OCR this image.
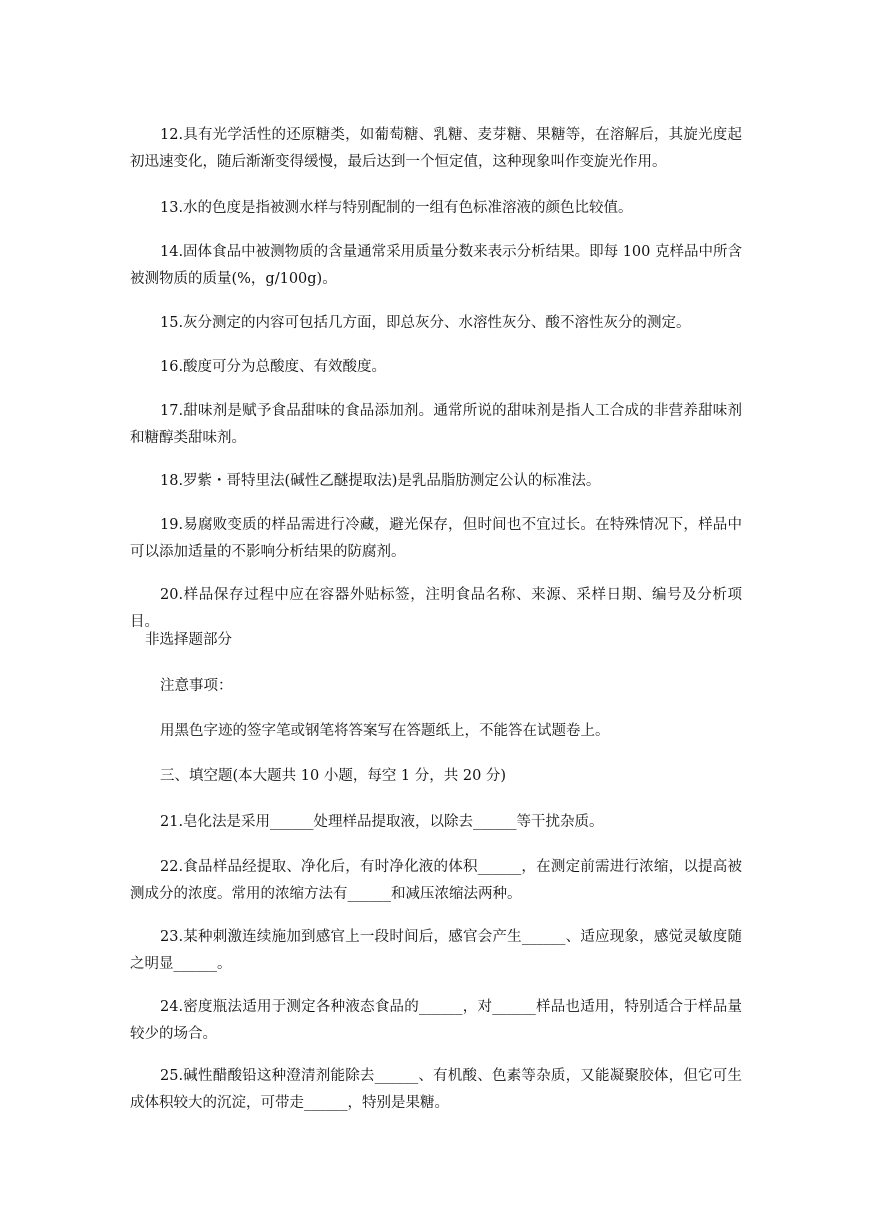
12.具有光学活性的还原糖类，如葡萄糖、乳糖、麦芽糖、果糖等，在溶解后，其旋光度起初迅速变化，随后渐渐变得缓慢，最后达到一个恒定值，这种现象叫作变旋光作用。

13.水的色度是指被测水样与特别配制的一组有色标准溶液的颜色比较值。

14.固体食品中被测物质的含量通常采用质量分数来表示分析结果。即每 100 克样品中所含被测物质的质量(%，g/100g)。

15.灰分测定的内容可包括几方面，即总灰分、水溶性灰分、酸不溶性灰分的测定。

16.酸度可分为总酸度、有效酸度。

17.甜味剂是赋予食品甜味的食品添加剂。通常所说的甜味剂是指人工合成的非营养甜味剂和糖醇类甜味剂。

18.罗紫・哥特里法(碱性乙醚提取法)是乳品脂肪测定公认的标准法。

19.易腐败变质的样品需进行冷藏，避光保存，但时间也不宜过长。在特殊情况下，样品中可以添加适量的不影响分析结果的防腐剂。

20.样品保存过程中应在容器外贴标签，注明食品名称、来源、采样日期、编号及分析项目。

非选择题部分

注意事项：

用黑色字迹的签字笔或钢笔将答案写在答题纸上，不能答在试题卷上。

三、填空题(本大题共 10 小题，每空 1 分，共 20 分)

21.皂化法是采用______处理样品提取液，以除去______等干扰杂质。

22.食品样品经提取、净化后，有时净化液的体积______，在测定前需进行浓缩，以提高被测成分的浓度。常用的浓缩方法有______和减压浓缩法两种。

23.某种刺激连续施加到感官上一段时间后，感官会产生______、适应现象，感觉灵敏度随之明显______。

24.密度瓶法适用于测定各种液态食品的______，对______样品也适用，特别适合于样品量较少的场合。

25.碱性醋酸铅这种澄清剂能除去______、有机酸、色素等杂质，又能凝聚胶体，但它可生成体积较大的沉淀，可带走______，特别是果糖。
